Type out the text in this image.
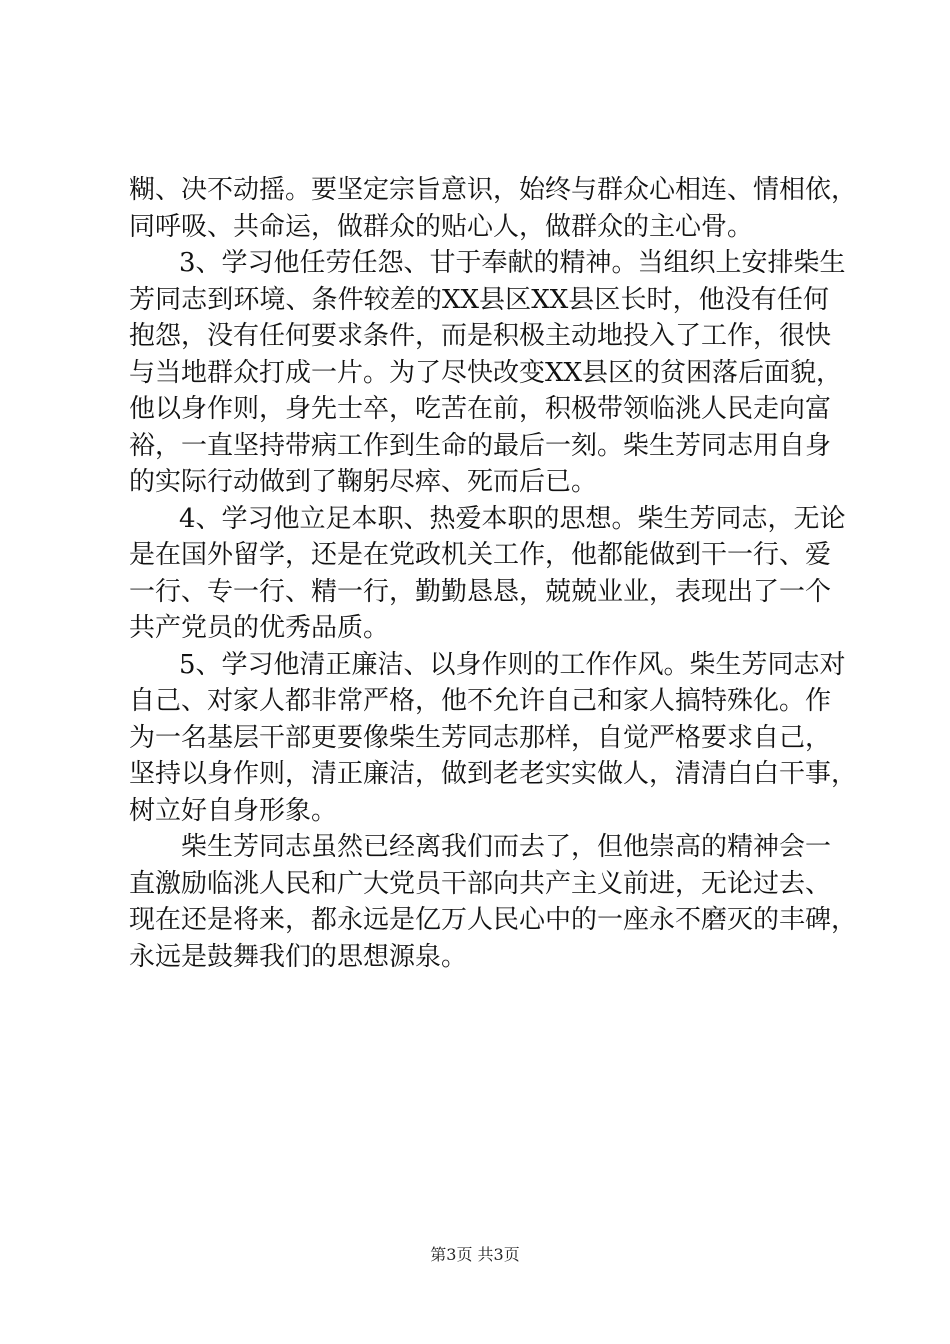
糊、决不动摇。要坚定宗旨意识，始终与群众心相连、情相依，
同呼吸、共命运，做群众的贴心人，做群众的主心骨。
3、学习他任劳任怨、甘于奉献的精神。当组织上安排柴生
芳同志到环境、条件较差的XX县区XX县区长时，他没有任何
抱怨，没有任何要求条件，而是积极主动地投入了工作，很快
与当地群众打成一片。为了尽快改变XX县区的贫困落后面貌，
他以身作则，身先士卒，吃苦在前，积极带领临洮人民走向富
裕，一直坚持带病工作到生命的最后一刻。柴生芳同志用自身
的实际行动做到了鞠躬尽瘁、死而后已。
4、学习他立足本职、热爱本职的思想。柴生芳同志，无论
是在国外留学，还是在党政机关工作，他都能做到干一行、爱
一行、专一行、精一行，勤勤恳恳，兢兢业业，表现出了一个
共产党员的优秀品质。
5、学习他清正廉洁、以身作则的工作作风。柴生芳同志对
自己、对家人都非常严格，他不允许自己和家人搞特殊化。作
为一名基层干部更要像柴生芳同志那样，自觉严格要求自己，
坚持以身作则，清正廉洁，做到老老实实做人，清清白白干事，
树立好自身形象。
柴生芳同志虽然已经离我们而去了，但他崇高的精神会一
直激励临洮人民和广大党员干部向共产主义前进，无论过去、
现在还是将来，都永远是亿万人民心中的一座永不磨灭的丰碑，
永远是鼓舞我们的思想源泉。
第3页 共3页
